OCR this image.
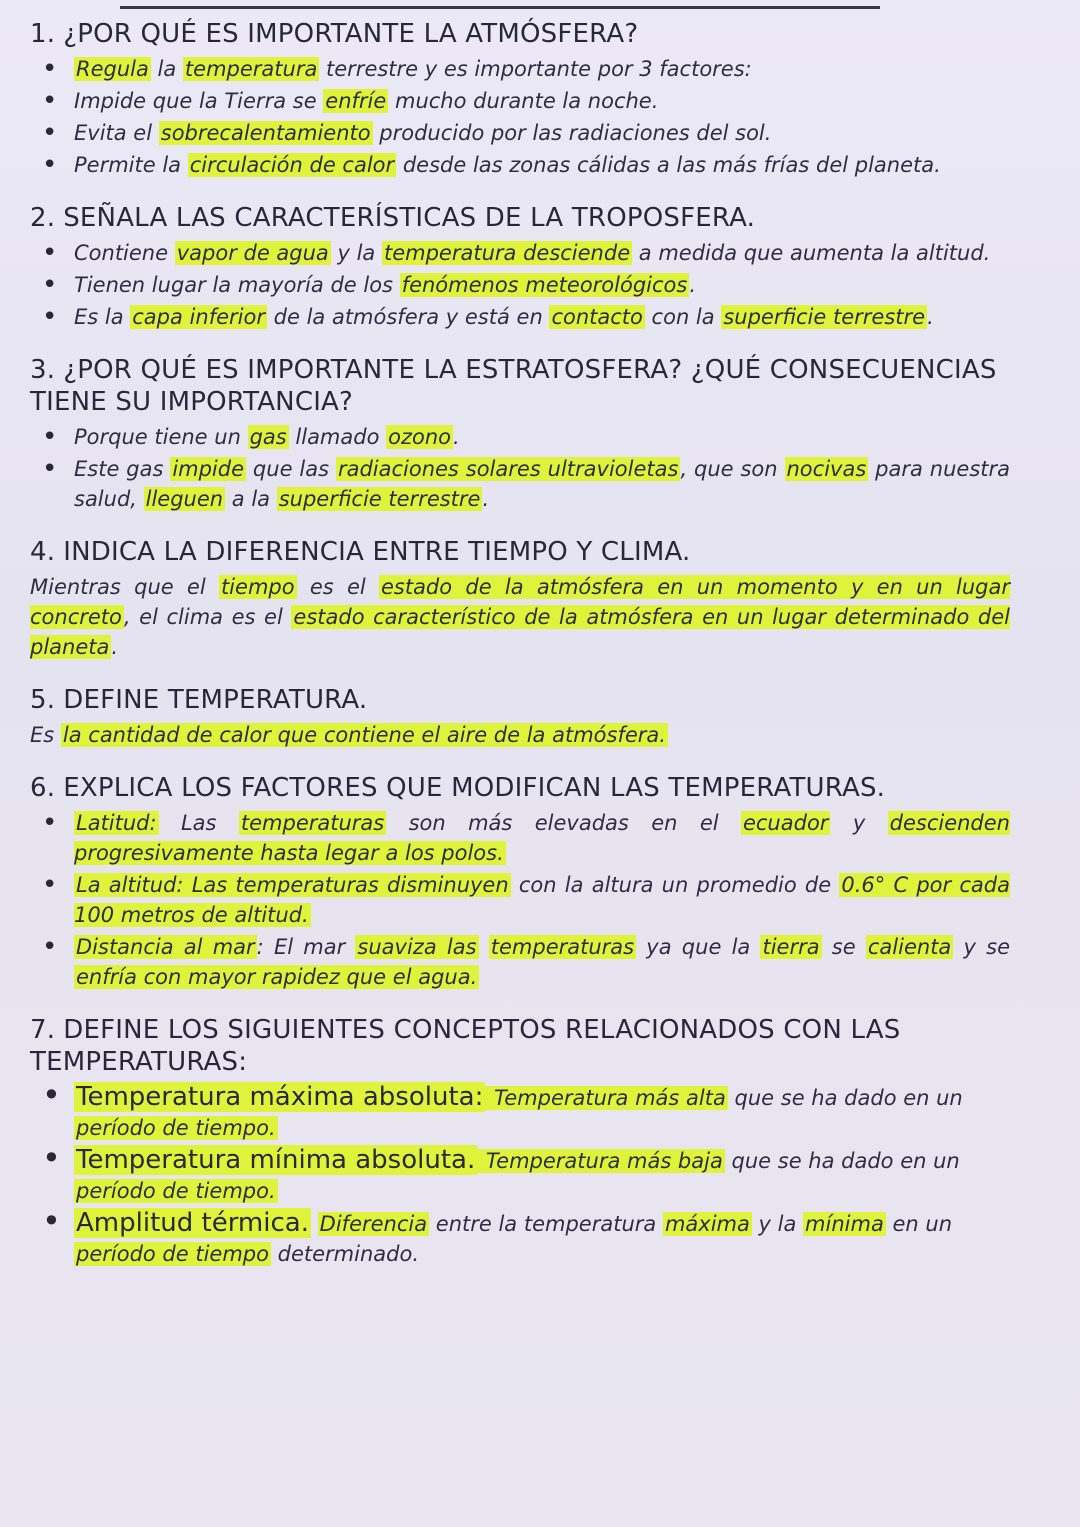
1. ¿POR QUÉ ES IMPORTANTE LA ATMÓSFERA?
• Regula la temperatura terrestre y es importante por 3 factores:
• Impide que la Tierra se enfríe mucho durante la noche.
• Evita el sobrecalentamiento producido por las radiaciones del sol.
• Permite la circulación de calor desde las zonas cálidas a las más frías del planeta.
2. SEÑALA LAS CARACTERÍSTICAS DE LA TROPOSFERA.
• Contiene vapor de agua y la temperatura desciende a medida que aumenta la altitud.
• Tienen lugar la mayoría de los fenómenos meteorológicos.
• Es la capa inferior de la atmósfera y está en contacto con la superficie terrestre.
3. ¿POR QUÉ ES IMPORTANTE LA ESTRATOSFERA? ¿QUÉ CONSECUENCIAS TIENE SU IMPORTANCIA?
• Porque tiene un gas llamado ozono.
• Este gas impide que las radiaciones solares ultravioletas, que son nocivas para nuestra salud, lleguen a la superficie terrestre.
4. INDICA LA DIFERENCIA ENTRE TIEMPO Y CLIMA.

Mientras que el tiempo es el estado de la atmósfera en un momento y en un lugar concreto, el clima es el estado característico de la atmósfera en un lugar determinado del planeta.

5. DEFINE TEMPERATURA.

Es la cantidad de calor que contiene el aire de la atmósfera.

6. EXPLICA LOS FACTORES QUE MODIFICAN LAS TEMPERATURAS.
• Latitud: Las temperaturas son más elevadas en el ecuador y descienden progresivamente hasta legar a los polos.
• La altitud: Las temperaturas disminuyen con la altura un promedio de 0.6° C por cada 100 metros de altitud.
• Distancia al mar: El mar suaviza las temperaturas ya que la tierra se calienta y se enfría con mayor rapidez que el agua.
7. DEFINE LOS SIGUIENTES CONCEPTOS RELACIONADOS CON LAS TEMPERATURAS:
• Temperatura máxima absoluta: Temperatura más alta que se ha dado en un período de tiempo.
• Temperatura mínima absoluta. Temperatura más baja que se ha dado en un período de tiempo.
• Amplitud térmica. Diferencia entre la temperatura máxima y la mínima en un período de tiempo determinado.
